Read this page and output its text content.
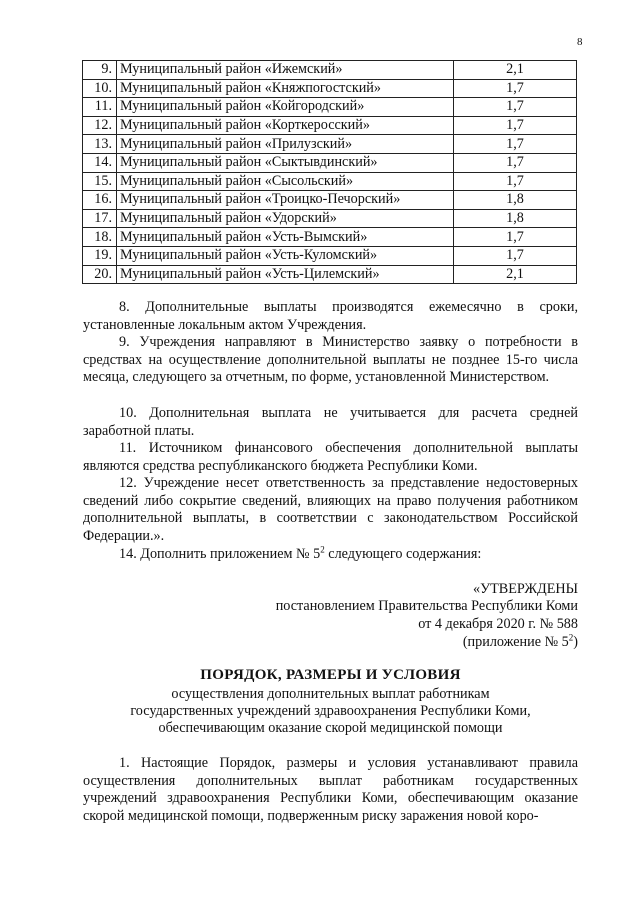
8
9.	Муниципальный район «Ижемский»	2,1
10.	Муниципальный район «Княжпогостский»	1,7
11.	Муниципальный район «Койгородский»	1,7
12.	Муниципальный район «Корткеросский»	1,7
13.	Муниципальный район «Прилузский»	1,7
14.	Муниципальный район «Сыктывдинский»	1,7
15.	Муниципальный район «Сысольский»	1,7
16.	Муниципальный район «Троицко-Печорский»	1,8
17.	Муниципальный район «Удорский»	1,8
18.	Муниципальный район «Усть-Вымский»	1,7
19.	Муниципальный район «Усть-Куломский»	1,7
20.	Муниципальный район «Усть-Цилемский»	2,1

8. Дополнительные выплаты производятся ежемесячно в сроки, установленные локальным актом Учреждения.

9. Учреждения направляют в Министерство заявку о потребности в средствах на осуществление дополнительной выплаты не позднее 15-го числа месяца, следующего за отчетным, по форме, установленной Министерством.

10. Дополнительная выплата не учитывается для расчета средней заработной платы.

11. Источником финансового обеспечения дополнительной выплаты являются средства республиканского бюджета Республики Коми.

12. Учреждение несет ответственность за представление недостоверных сведений либо сокрытие сведений, влияющих на право получения работником дополнительной выплаты, в соответствии с законодательством Российской Федерации.».

14. Дополнить приложением № $5^2$ следующего содержания:

«УТВЕРЖДЕНЫ

постановлением Правительства Республики Коми

от 4 декабря 2020 г. № 588

(приложение № $5^2$)

ПОРЯДОК, РАЗМЕРЫ И УСЛОВИЯ

осуществления дополнительных выплат работникам

государственных учреждений здравоохранения Республики Коми,

обеспечивающим оказание скорой медицинской помощи

1. Настоящие Порядок, размеры и условия устанавливают правила осуществления дополнительных выплат работникам государственных учреждений здравоохранения Республики Коми, обеспечивающим оказание скорой медицинской помощи, подверженным риску заражения новой коро-
